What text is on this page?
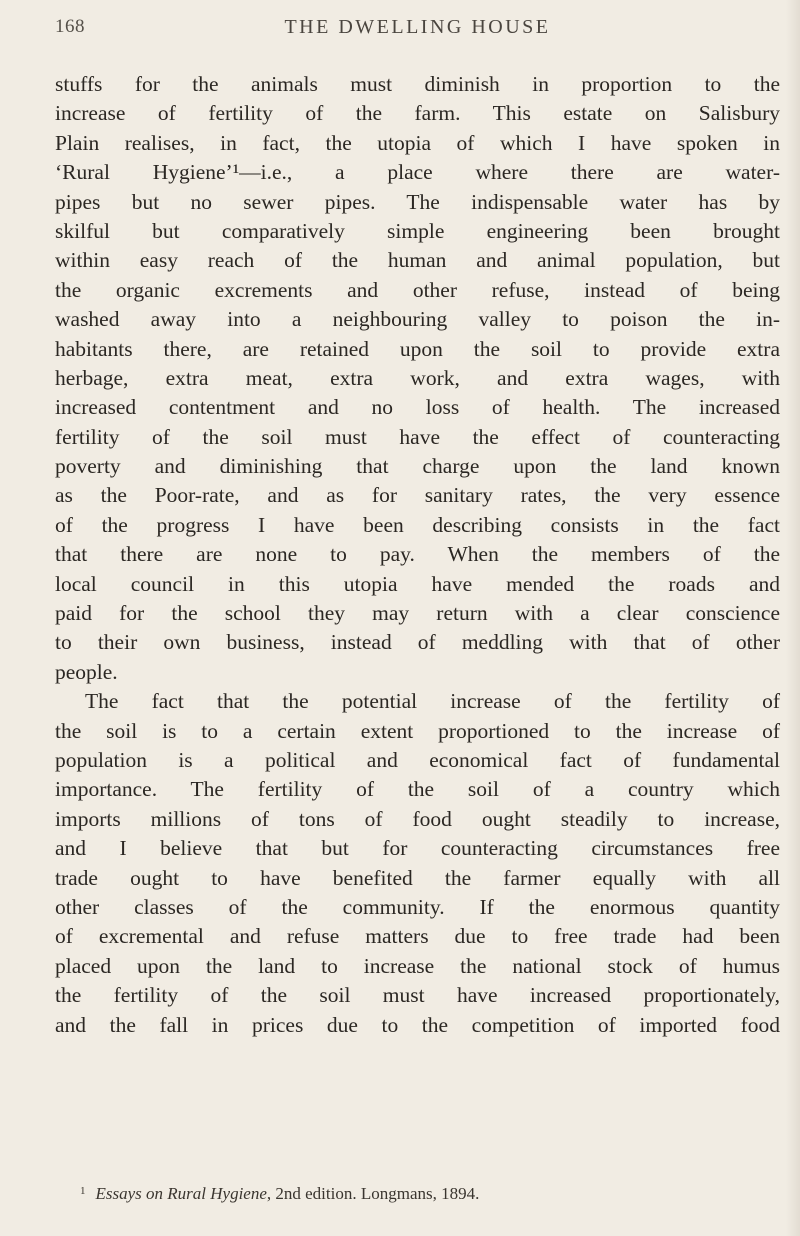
168	THE DWELLING HOUSE
stuffs for the animals must diminish in proportion to the
increase of fertility of the farm. This estate on Salisbury
Plain realises, in fact, the utopia of which I have spoken in
‘Rural Hygiene’¹—i.e., a place where there are water-
pipes but no sewer pipes. The indispensable water has by
skilful but comparatively simple engineering been brought
within easy reach of the human and animal population, but
the organic excrements and other refuse, instead of being
washed away into a neighbouring valley to poison the in-
habitants there, are retained upon the soil to provide extra
herbage, extra meat, extra work, and extra wages, with
increased contentment and no loss of health. The increased
fertility of the soil must have the effect of counteracting
poverty and diminishing that charge upon the land known
as the Poor-rate, and as for sanitary rates, the very essence
of the progress I have been describing consists in the fact
that there are none to pay. When the members of the
local council in this utopia have mended the roads and
paid for the school they may return with a clear conscience
to their own business, instead of meddling with that of other
people.
The fact that the potential increase of the fertility of
the soil is to a certain extent proportioned to the increase of
population is a political and economical fact of fundamental
importance. The fertility of the soil of a country which
imports millions of tons of food ought steadily to increase,
and I believe that but for counteracting circumstances free
trade ought to have benefited the farmer equally with all
other classes of the community. If the enormous quantity
of excremental and refuse matters due to free trade had been
placed upon the land to increase the national stock of humus
the fertility of the soil must have increased proportionately,
and the fall in prices due to the competition of imported food
$^1$ Essays on Rural Hygiene, 2nd edition. Longmans, 1894.
